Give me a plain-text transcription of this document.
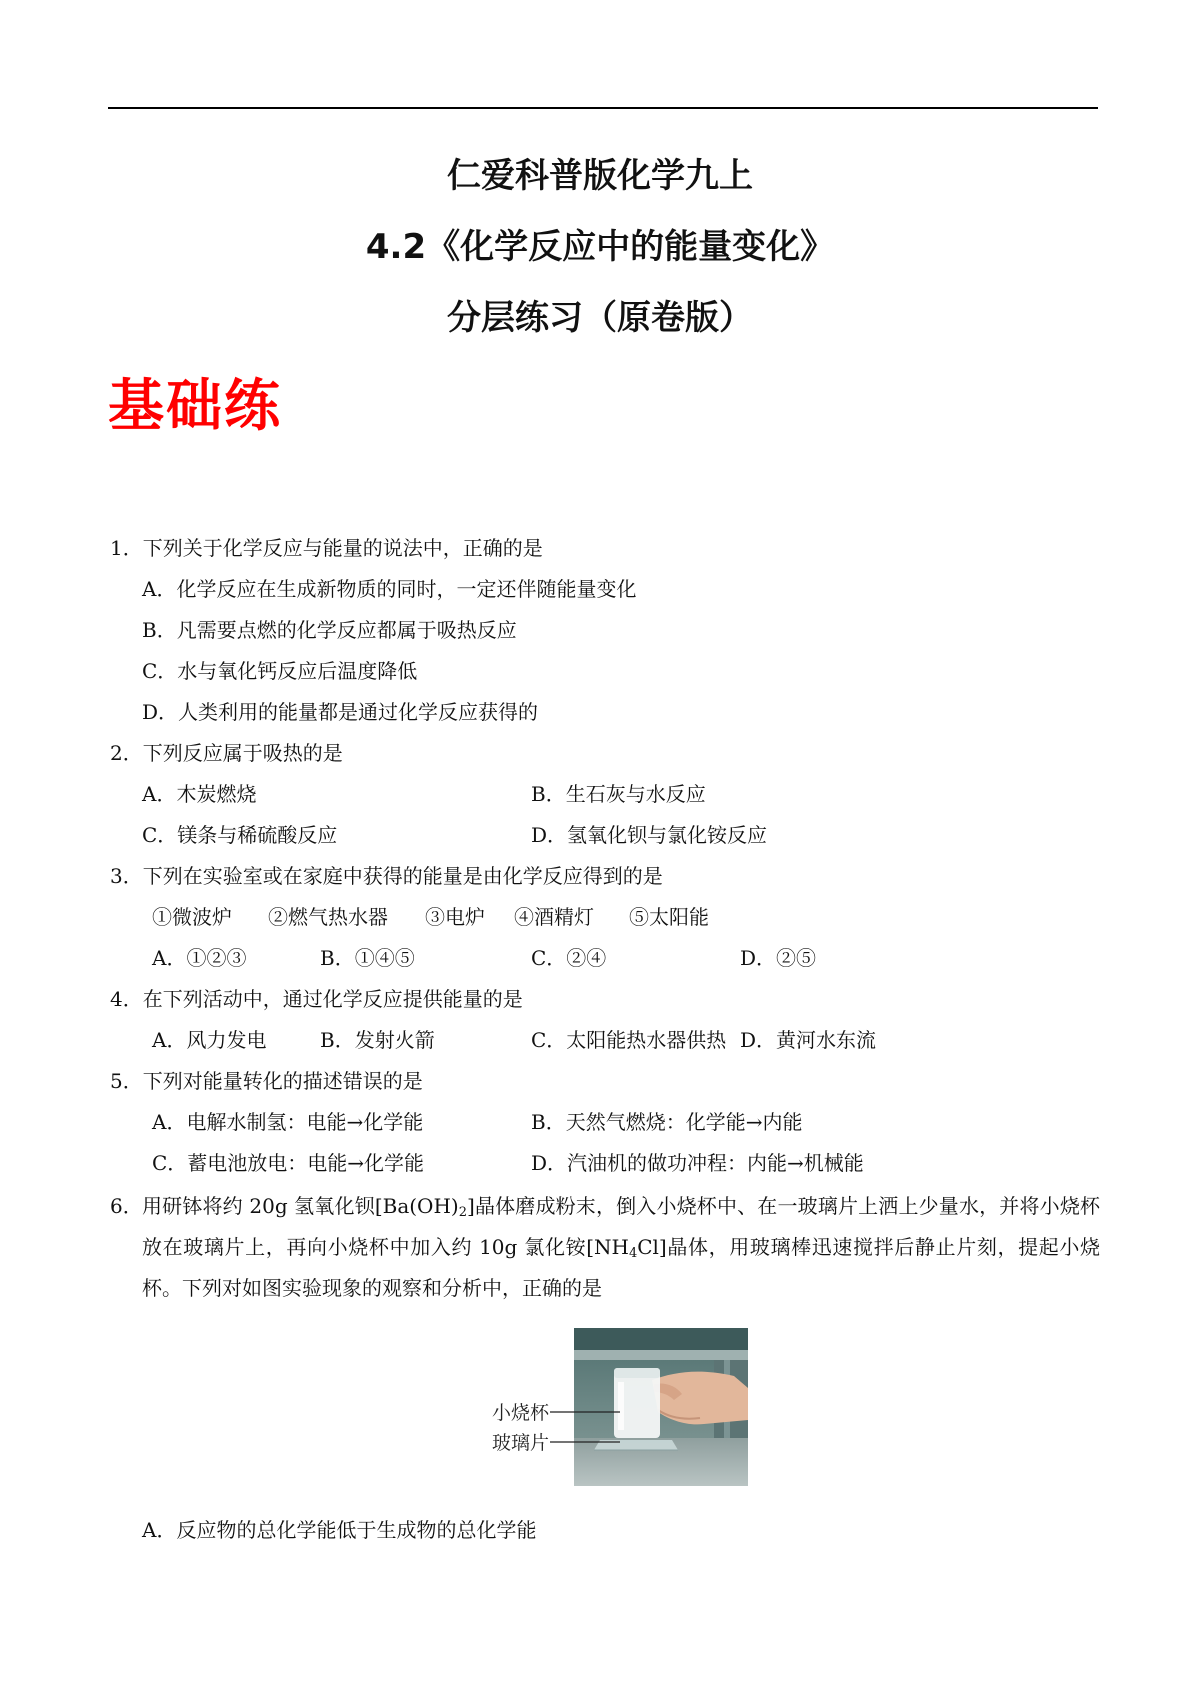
仁爱科普版化学九上
4.2《化学反应中的能量变化》
分层练习（原卷版）
基础练
1．下列关于化学反应与能量的说法中，正确的是
A．化学反应在生成新物质的同时，一定还伴随能量变化
B．凡需要点燃的化学反应都属于吸热反应
C．水与氧化钙反应后温度降低
D．人类利用的能量都是通过化学反应获得的
2．下列反应属于吸热的是
A．木炭燃烧	B．生石灰与水反应
C．镁条与稀硫酸反应	D．氢氧化钡与氯化铵反应
3．下列在实验室或在家庭中获得的能量是由化学反应得到的是
①微波炉 ②燃气热水器 ③电炉 ④酒精灯 ⑤太阳能
A．①②③	B．①④⑤	C．②④	D．②⑤
4．在下列活动中，通过化学反应提供能量的是
A．风力发电	B．发射火箭	C．太阳能热水器供热 D．黄河水东流
5．下列对能量转化的描述错误的是
A．电解水制氢：电能→化学能	B．天然气燃烧：化学能→内能
C．蓄电池放电：电能→化学能	D．汽油机的做功冲程：内能→机械能
6． 用研钵将约 20g 氢氧化钡$[Ba(OH)_2]$晶体磨成粉末，倒入小烧杯中、在一玻璃片上洒上少量水，并将小烧杯放在玻璃片上，再向小烧杯中加入约 10g 氯化铵$[NH_4Cl]$晶体，用玻璃棒迅速搅拌后静止片刻，提起小烧杯。下列对如图实验现象的观察和分析中，正确的是
小烧杯
玻璃片
A．反应物的总化学能低于生成物的总化学能
